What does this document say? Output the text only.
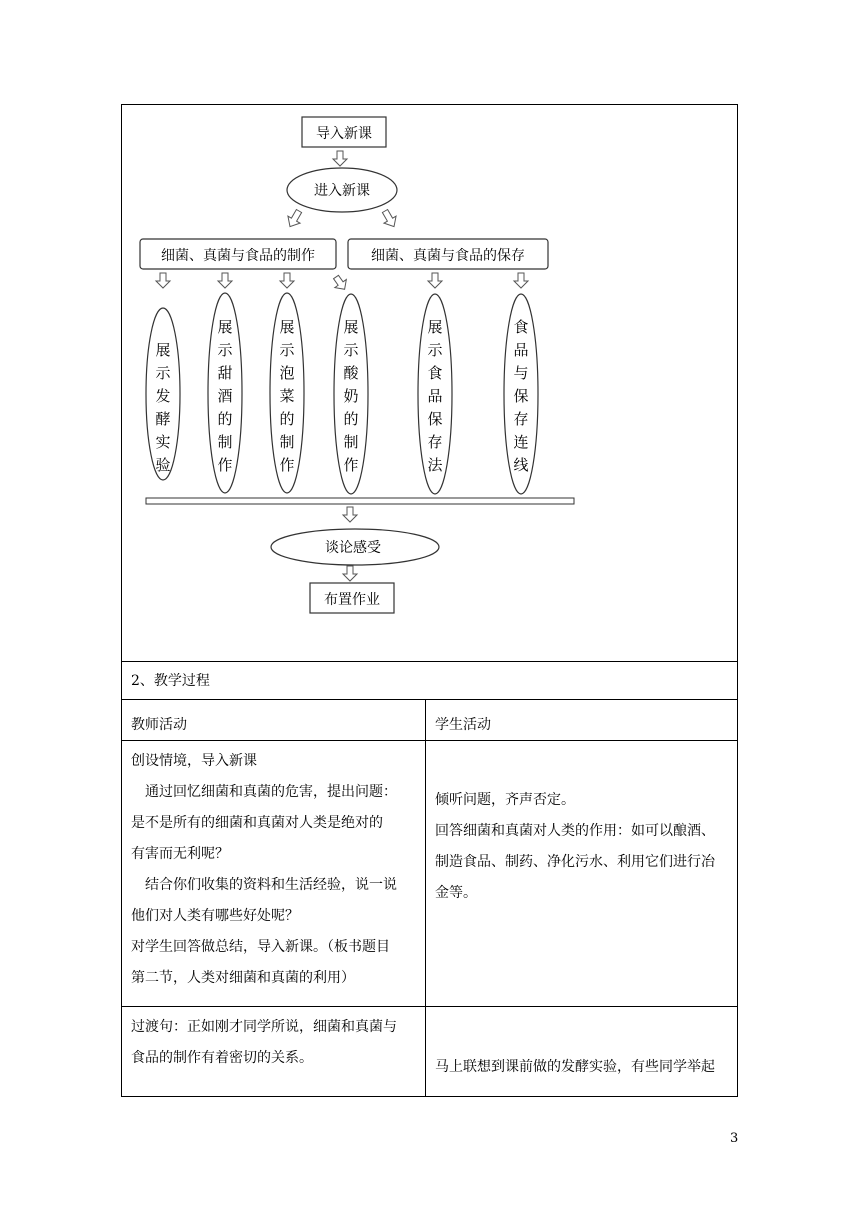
导入新课
进入新课
细菌、真菌与食品的制作	细菌、真菌与食品的保存
展
示
发
酵
实
验
展
示
甜
酒
的
制
作
展
示
泡
菜
的
制
作
展
示
酸
奶
的
制
作
展
示
食
品
保
存
法
食
品
与
保
存
连
线
谈论感受
布置作业
2、教学过程
教师活动	学生活动
创设情境，导入新课
　通过回忆细菌和真菌的危害，提出问题：
是不是所有的细菌和真菌对人类是绝对的
有害而无利呢？
　结合你们收集的资料和生活经验，说一说
他们对人类有哪些好处呢？
对学生回答做总结，导入新课。（板书题目
第二节，人类对细菌和真菌的利用）
倾听问题，齐声否定。
回答细菌和真菌对人类的作用：如可以酿酒、
制造食品、制药、净化污水、利用它们进行冶
金等。
过渡句：正如刚才同学所说，细菌和真菌与
食品的制作有着密切的关系。
马上联想到课前做的发酵实验，有些同学举起
3
